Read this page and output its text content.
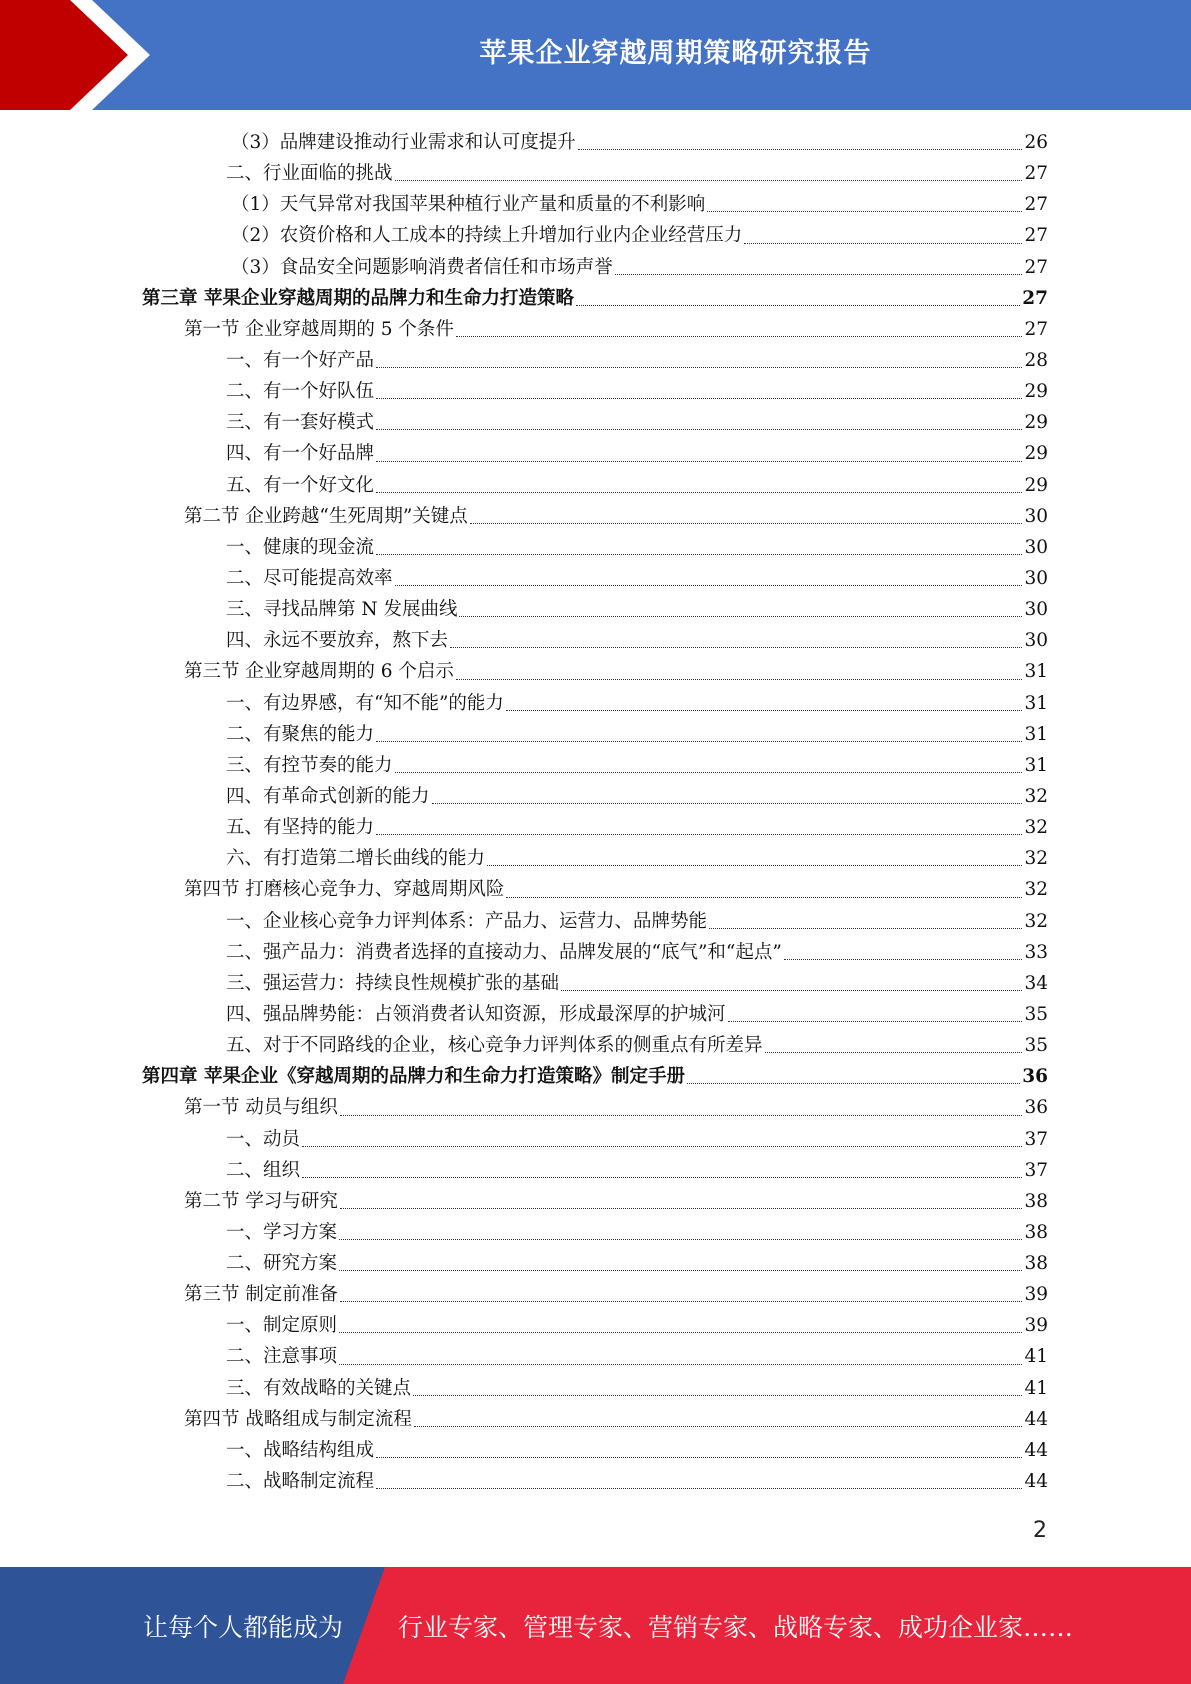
苹果企业穿越周期策略研究报告
（3）品牌建设推动行业需求和认可度提升	26
二、行业面临的挑战	27
（1）天气异常对我国苹果种植行业产量和质量的不利影响	27
（2）农资价格和人工成本的持续上升增加行业内企业经营压力	27
（3）食品安全问题影响消费者信任和市场声誉	27
第三章 苹果企业穿越周期的品牌力和生命力打造策略	27
第一节 企业穿越周期的 5 个条件	27
一、有一个好产品	28
二、有一个好队伍	29
三、有一套好模式	29
四、有一个好品牌	29
五、有一个好文化	29
第二节 企业跨越“生死周期”关键点	30
一、健康的现金流	30
二、尽可能提高效率	30
三、寻找品牌第 N 发展曲线	30
四、永远不要放弃，熬下去	30
第三节 企业穿越周期的 6 个启示	31
一、有边界感，有“知不能”的能力	31
二、有聚焦的能力	31
三、有控节奏的能力	31
四、有革命式创新的能力	32
五、有坚持的能力	32
六、有打造第二增长曲线的能力	32
第四节 打磨核心竞争力、穿越周期风险	32
一、企业核心竞争力评判体系：产品力、运营力、品牌势能	32
二、强产品力：消费者选择的直接动力、品牌发展的“底气”和“起点”	33
三、强运营力：持续良性规模扩张的基础	34
四、强品牌势能：占领消费者认知资源，形成最深厚的护城河	35
五、对于不同路线的企业，核心竞争力评判体系的侧重点有所差异	35
第四章 苹果企业《穿越周期的品牌力和生命力打造策略》制定手册	36
第一节 动员与组织	36
一、动员	37
二、组织	37
第二节 学习与研究	38
一、学习方案	38
二、研究方案	38
第三节 制定前准备	39
一、制定原则	39
二、注意事项	41
三、有效战略的关键点	41
第四节 战略组成与制定流程	44
一、战略结构组成	44
二、战略制定流程	44
2
让每个人都能成为 行业专家、管理专家、营销专家、战略专家、成功企业家……
